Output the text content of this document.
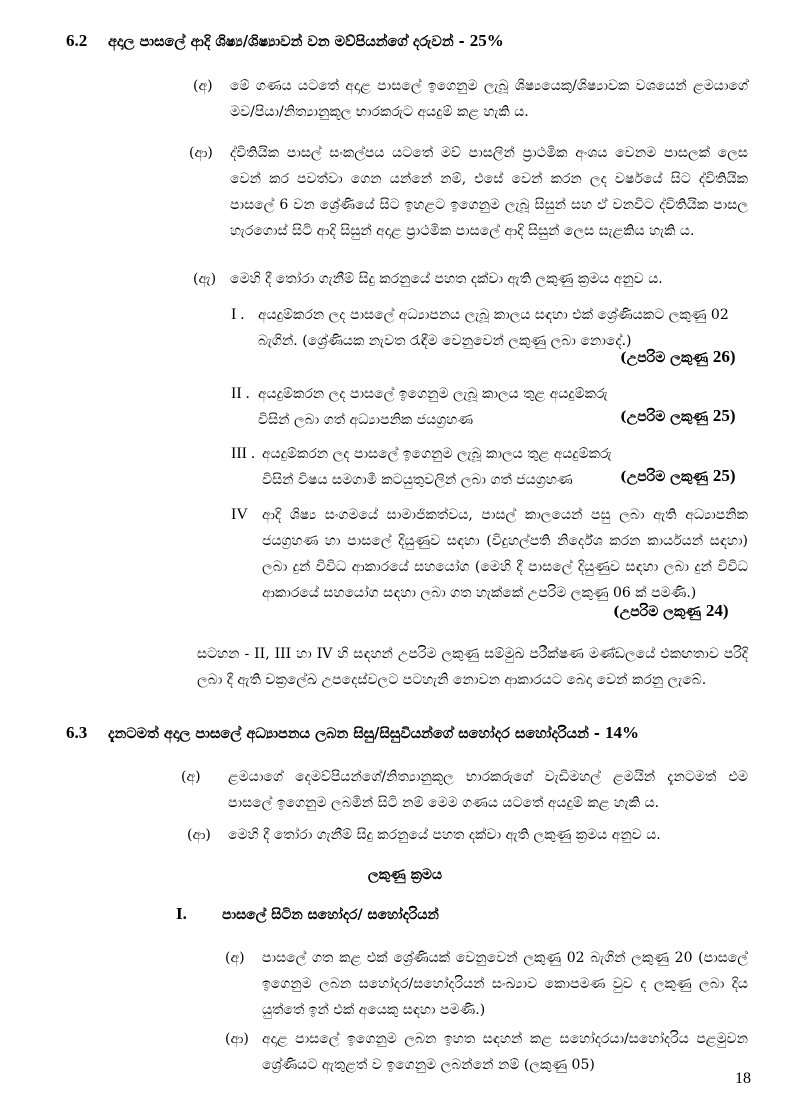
6.2 අදාල පාසලේ ආදි ශිෂ්‍ය/ශිෂ්‍යාවන් වන මව්පියන්ගේ දරුවන් - 25%
(අ) මේ ගණය යටතේ අදාළ පාසලේ ඉගෙනුම ලැබූ ශිෂ්‍යයෙකු/ශිෂ්‍යාවක වශයෙන් ළමයාගේ මව/පියා/නිත්‍යානුකූල භාරකරුට අයදුම් කළ හැකි ය.
(ආ) ද්විතියික පාසල් සංකල්පය යටතේ මව් පාසලින් ප්‍රාථමික අංශය වෙනම පාසලක් ලෙස වෙන් කර පවත්වා ගෙන යන්නේ නම්, එසේ වෙන් කරන ලද වර්ෂයේ සිට ද්විතියික පාසලේ 6 වන ශ්‍රේණියේ සිට ඉහළට ඉගෙනුම ලැබූ සිසුන් සහ ඒ වනවිට ද්විතියික පාසල හැරගොස් සිටි ආදි සිසුන් අදාළ ප්‍රාථමික පාසලේ ආදි සිසුන් ලෙස සැළකිය හැකි ය.
(ඇ) මෙහි දී තෝරා ගැනීම් සිදු කරනුයේ පහත දක්වා ඇති ලකුණු ක්‍රමය අනුව ය.
I . අයදුම්කරන ලද පාසලේ අධ්‍යාපනය ලැබූ කාලය සඳහා එක් ශ්‍රේණියකට ලකුණු 02 බැගින්. (ශ්‍රේණියක නැවත රැඳීම වෙනුවෙන් ලකුණු ලබා නොදේ.)
(උපරිම ලකුණු 26)
II . අයදුම්කරන ලද පාසලේ ඉගෙනුම ලැබූ කාලය තුළ අයදුම්කරු විසින් ලබා ගත් අධ්‍යාපනික ජයග්‍රහණ	(උපරිම ලකුණු 25)
III . අයදුම්කරන ලද පාසලේ ඉගෙනුම ලැබූ කාලය තුළ අයදුම්කරු විසින් විෂය සමගාමී කටයුතුවලින් ලබා ගත් ජයග්‍රහණ	(උපරිම ලකුණු 25)
IV ආදි ශිෂ්‍ය සංගමයේ සාමාජිකත්වය, පාසල් කාලයෙන් පසු ලබා ඇති අධ්‍යාපනික ජයග්‍රහණ හා පාසලේ දියුණුව සඳහා (විදුහල්පති නිර්දේශ කරන කාර්යයන් සඳහා) ලබා දුන් විවිධ ආකාරයේ සහයෝග (මෙහි දී පාසලේ දියුණුව සඳහා ලබා දුන් විවිධ ආකාරයේ සහයෝග සඳහා ලබා ගත හැක්කේ උපරිම ලකුණු 06 ක් පමණි.)
(උපරිම ලකුණු 24)
සටහන - II, III හා IV හි සඳහන් උපරිම ලකුණු සම්මුඛ පරීක්ෂණ මණ්ඩලයේ එකඟතාව පරිදි ලබා දී ඇති චක්‍රලේඛ උපදෙස්වලට පටහැනි නොවන ආකාරයට බෙදා වෙන් කරනු ලැබේ.
6.3 දැනටමත් අදාල පාසලේ අධ්‍යාපනය ලබන සිසු/සිසුවියන්ගේ සහෝදර සහෝදරියන් - 14%
(අ) ළමයාගේ දෙමව්පියන්ගේ/නිත්‍යානුකූල භාරකරුගේ වැඩිමහල් ළමයින් දැනටමත් එම පාසලේ ඉගෙනුම ලබමින් සිටි නම් මෙම ගණය යටතේ අයදුම් කළ හැකි ය.
(ආ) මෙහි දී තෝරා ගැනීම් සිදු කරනුයේ පහත දක්වා ඇති ලකුණු ක්‍රමය අනුව ය.
ලකුණු ක්‍රමය
I.	පාසලේ සිටින සහෝදර/ සහෝදරියන්
(අ) පාසලේ ගත කළ එක් ශ්‍රේණියක් වෙනුවෙන් ලකුණු 02 බැගින් ලකුණු 20 (පාසලේ ඉගෙනුම ලබන සහෝදර/සහෝදරියන් සංඛ්‍යාව කොපමණ වුව ද ලකුණු ලබා දිය යුත්තේ ඉන් එක් අයෙකු සඳහා පමණි.)
(ආ) අදාළ පාසලේ ඉගෙනුම ලබන ඉහත සඳහන් කළ සහෝදරයා/සහෝදරිය පළමුවන ශ්‍රේණියට ඇතුළත් ව ඉගෙනුම ලබන්නේ නම් (ලකුණු 05)
18
